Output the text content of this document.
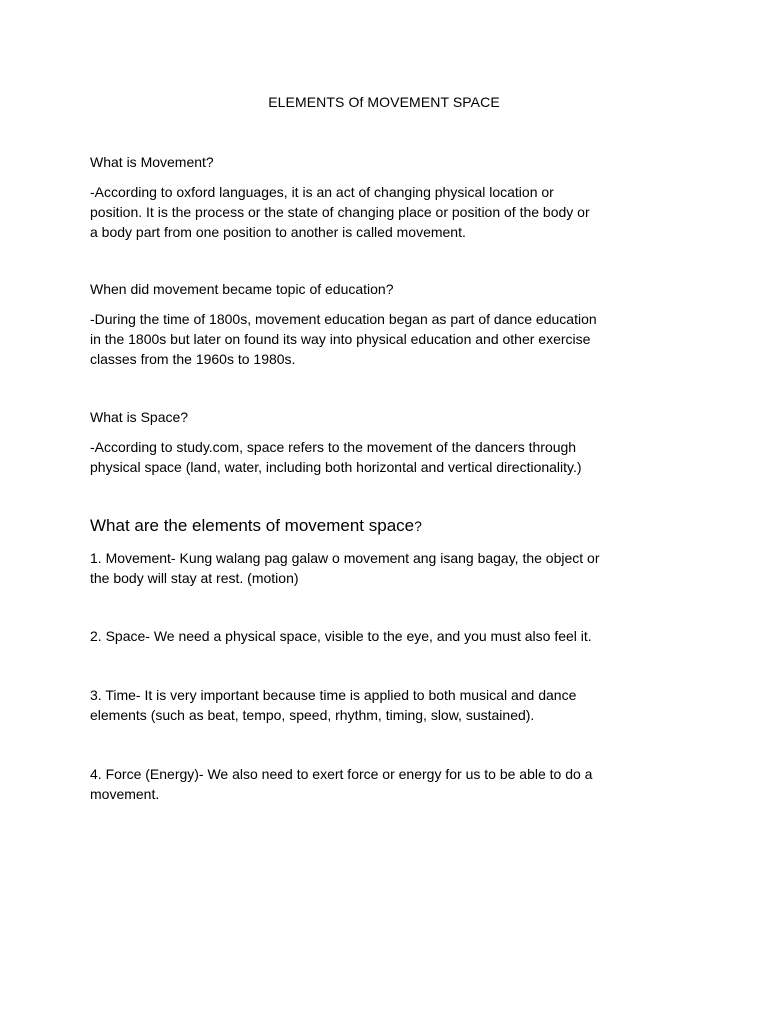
ELEMENTS Of MOVEMENT SPACE
What is Movement?
-According to oxford languages, it is an act of changing physical location or
position. It is the process or the state of changing place or position of the body or
a body part from one position to another is called movement.
When did movement became topic of education?
-During the time of 1800s, movement education began as part of dance education
in the 1800s but later on found its way into physical education and other exercise
classes from the 1960s to 1980s.
What is Space?
-According to study.com, space refers to the movement of the dancers through
physical space (land, water, including both horizontal and vertical directionality.)
What are the elements of movement space?
1. Movement- Kung walang pag galaw o movement ang isang bagay, the object or
the body will stay at rest. (motion)
2. Space- We need a physical space, visible to the eye, and you must also feel it.
3. Time- It is very important because time is applied to both musical and dance
elements (such as beat, tempo, speed, rhythm, timing, slow, sustained).
4. Force (Energy)- We also need to exert force or energy for us to be able to do a
movement.
